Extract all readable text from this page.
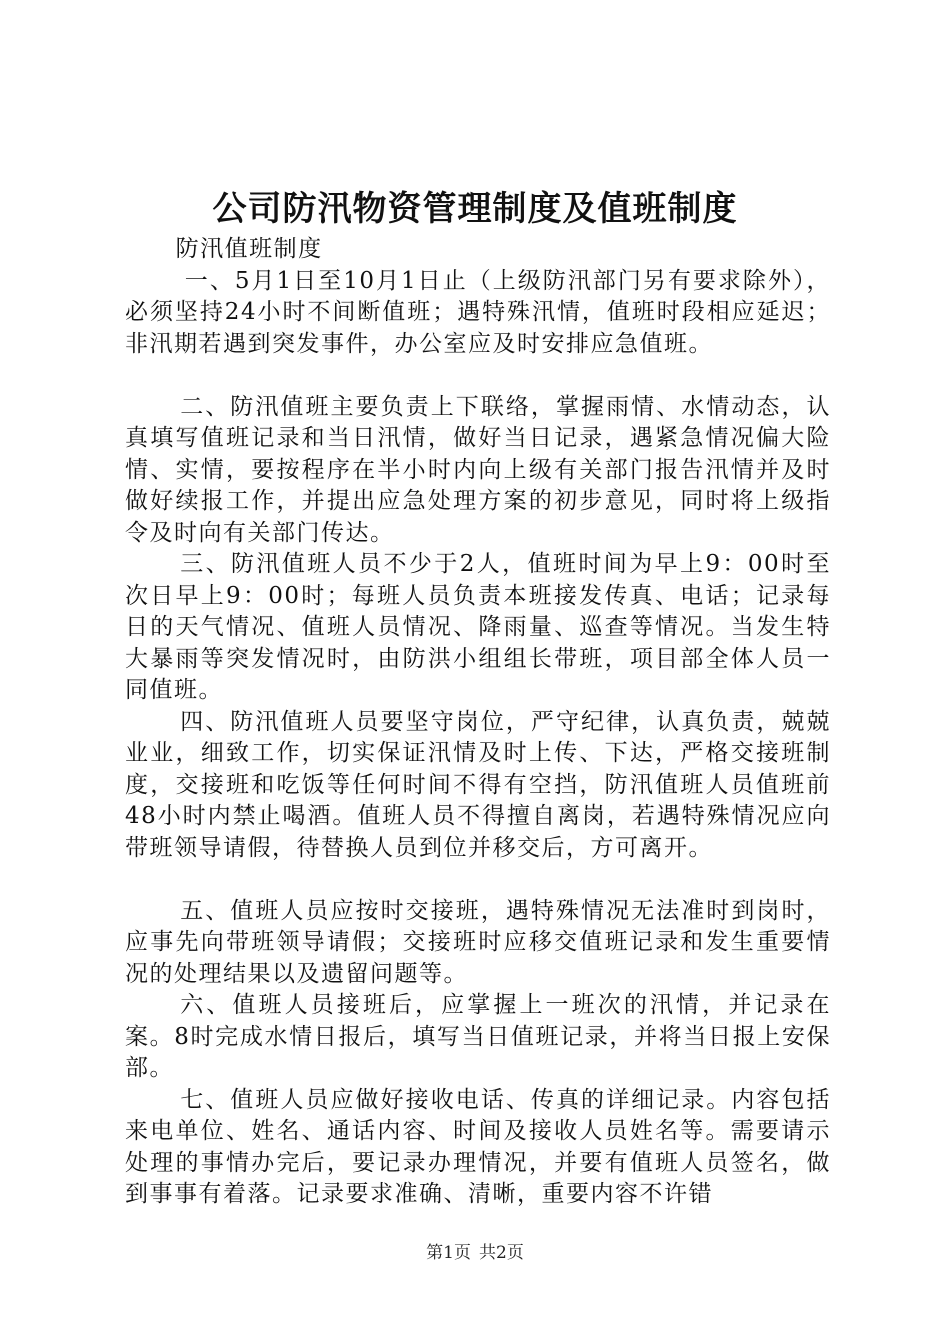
公司防汛物资管理制度及值班制度

防汛值班制度

一、5月1日至10月1日止（上级防汛部门另有要求除外），必须坚持24小时不间断值班；遇特殊汛情，值班时段相应延迟；非汛期若遇到突发事件，办公室应及时安排应急值班。

二、防汛值班主要负责上下联络，掌握雨情、水情动态，认真填写值班记录和当日汛情，做好当日记录，遇紧急情况偏大险情、实情，要按程序在半小时内向上级有关部门报告汛情并及时做好续报工作，并提出应急处理方案的初步意见，同时将上级指令及时向有关部门传达。

三、防汛值班人员不少于2人，值班时间为早上9：00时至次日早上9：00时；每班人员负责本班接发传真、电话；记录每日的天气情况、值班人员情况、降雨量、巡查等情况。当发生特大暴雨等突发情况时，由防洪小组组长带班，项目部全体人员一同值班。

四、防汛值班人员要坚守岗位，严守纪律，认真负责，兢兢业业，细致工作，切实保证汛情及时上传、下达，严格交接班制度，交接班和吃饭等任何时间不得有空挡，防汛值班人员值班前48小时内禁止喝酒。值班人员不得擅自离岗，若遇特殊情况应向带班领导请假，待替换人员到位并移交后，方可离开。

五、值班人员应按时交接班，遇特殊情况无法准时到岗时，应事先向带班领导请假；交接班时应移交值班记录和发生重要情况的处理结果以及遗留问题等。

六、值班人员接班后，应掌握上一班次的汛情，并记录在案。8时完成水情日报后，填写当日值班记录，并将当日报上安保部。

七、值班人员应做好接收电话、传真的详细记录。内容包括来电单位、姓名、通话内容、时间及接收人员姓名等。需要请示处理的事情办完后，要记录办理情况，并要有值班人员签名，做到事事有着落。记录要求准确、清晰，重要内容不许错

第1页 共2页
